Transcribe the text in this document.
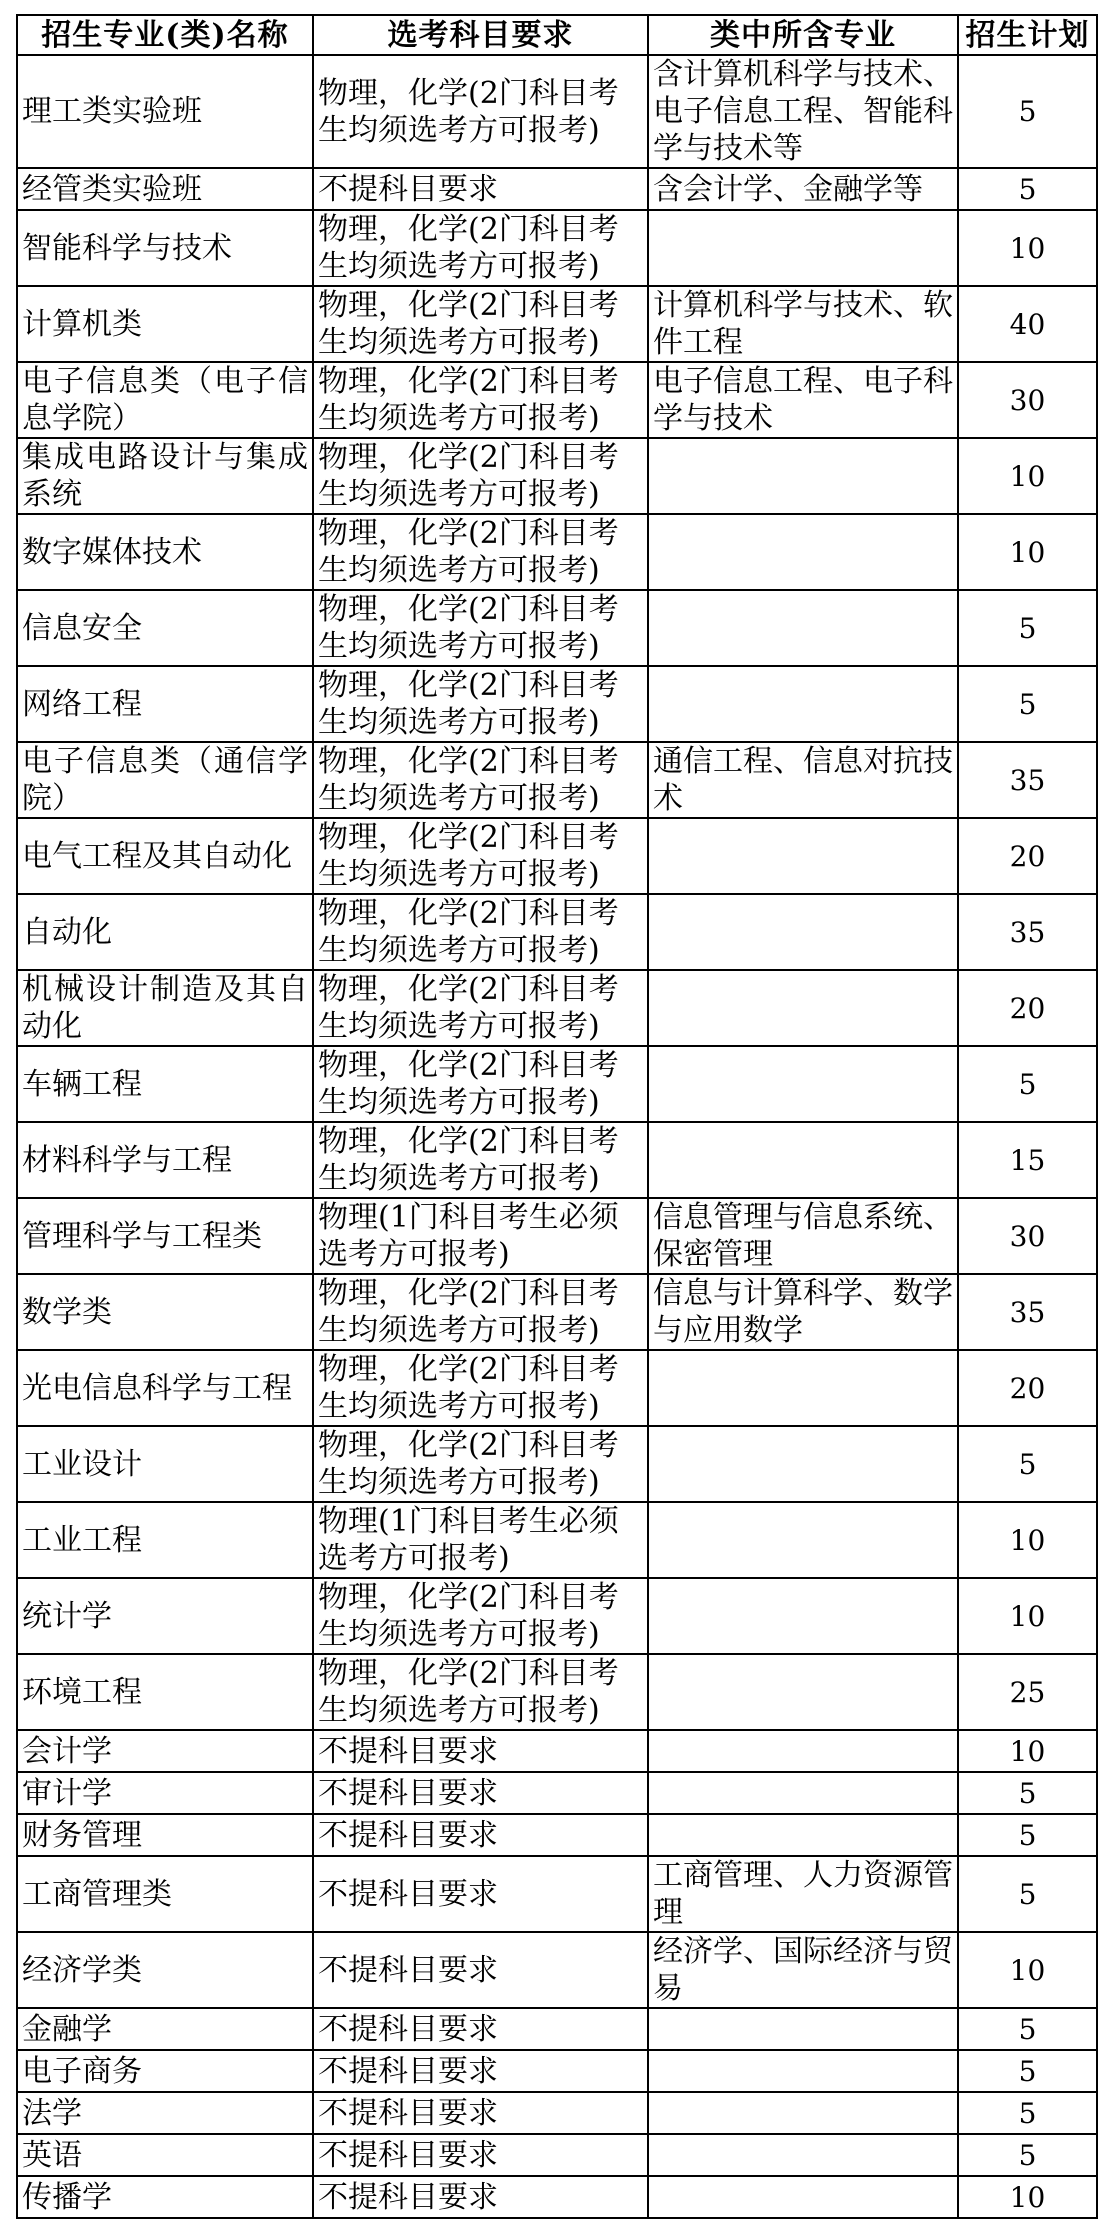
招生专业(类)名称	选考科目要求	类中所含专业	招生计划
理工类实验班	物理，化学(2门科目考生均须选考方可报考)	含计算机科学与技术、电子信息工程、智能科学与技术等	5
经管类实验班	不提科目要求	含会计学、金融学等	5
智能科学与技术	物理，化学(2门科目考生均须选考方可报考)		10
计算机类	物理，化学(2门科目考生均须选考方可报考)	计算机科学与技术、软件工程	40
电子信息类（电子信息学院）	物理，化学(2门科目考生均须选考方可报考)	电子信息工程、电子科学与技术	30
集成电路设计与集成系统	物理，化学(2门科目考生均须选考方可报考)		10
数字媒体技术	物理，化学(2门科目考生均须选考方可报考)		10
信息安全	物理，化学(2门科目考生均须选考方可报考)		5
网络工程	物理，化学(2门科目考生均须选考方可报考)		5
电子信息类（通信学院）	物理，化学(2门科目考生均须选考方可报考)	通信工程、信息对抗技术	35
电气工程及其自动化	物理，化学(2门科目考生均须选考方可报考)		20
自动化	物理，化学(2门科目考生均须选考方可报考)		35
机械设计制造及其自动化	物理，化学(2门科目考生均须选考方可报考)		20
车辆工程	物理，化学(2门科目考生均须选考方可报考)		5
材料科学与工程	物理，化学(2门科目考生均须选考方可报考)		15
管理科学与工程类	物理(1门科目考生必须选考方可报考)	信息管理与信息系统、保密管理	30
数学类	物理，化学(2门科目考生均须选考方可报考)	信息与计算科学、数学与应用数学	35
光电信息科学与工程	物理，化学(2门科目考生均须选考方可报考)		20
工业设计	物理，化学(2门科目考生均须选考方可报考)		5
工业工程	物理(1门科目考生必须选考方可报考)		10
统计学	物理，化学(2门科目考生均须选考方可报考)		10
环境工程	物理，化学(2门科目考生均须选考方可报考)		25
会计学	不提科目要求		10
审计学	不提科目要求		5
财务管理	不提科目要求		5
工商管理类	不提科目要求	工商管理、人力资源管理	5
经济学类	不提科目要求	经济学、国际经济与贸易	10
金融学	不提科目要求		5
电子商务	不提科目要求		5
法学	不提科目要求		5
英语	不提科目要求		5
传播学	不提科目要求		10
